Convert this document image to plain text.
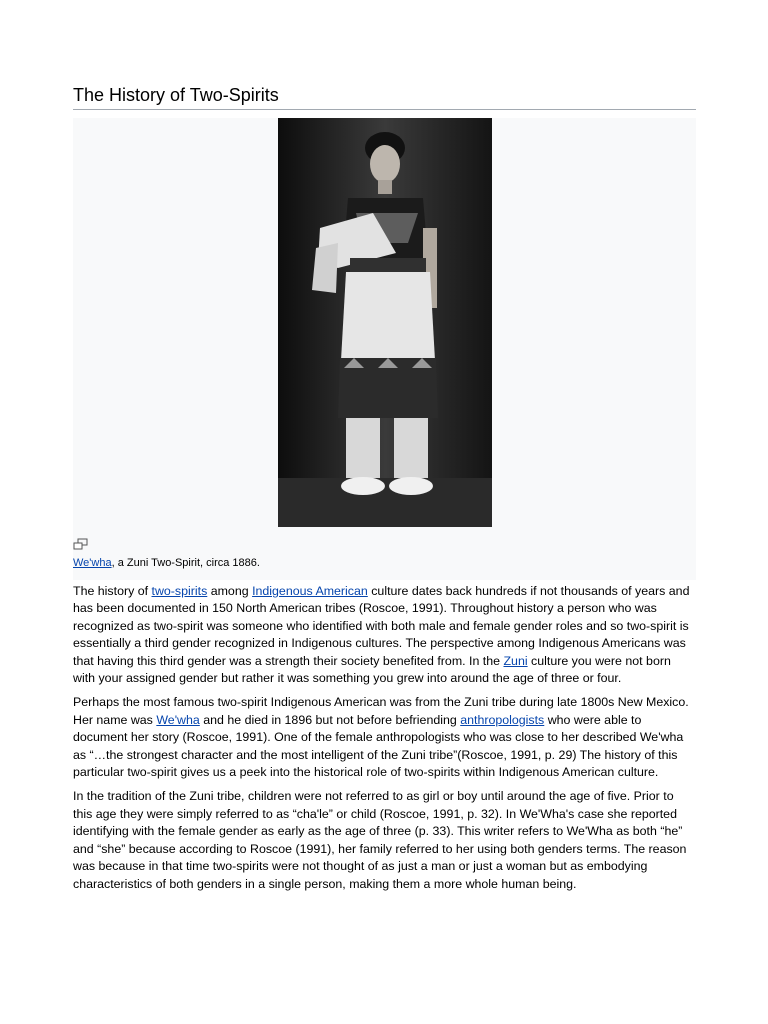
The History of Two-Spirits
We'wha, a Zuni Two-Spirit, circa 1886.

The history of two-spirits among Indigenous American culture dates back hundreds if not thousands of years and has been documented in 150 North American tribes (Roscoe, 1991). Throughout history a person who was recognized as two-spirit was someone who identified with both male and female gender roles and so two-spirit is essentially a third gender recognized in Indigenous cultures. The perspective among Indigenous Americans was that having this third gender was a strength their society benefited from. In the Zuni culture you were not born with your assigned gender but rather it was something you grew into around the age of three or four.

Perhaps the most famous two-spirit Indigenous American was from the Zuni tribe during late 1800s New Mexico. Her name was We'wha and he died in 1896 but not before befriending anthropologists who were able to document her story (Roscoe, 1991). One of the female anthropologists who was close to her described We'wha as “…the strongest character and the most intelligent of the Zuni tribe”(Roscoe, 1991, p. 29) The history of this particular two-spirit gives us a peek into the historical role of two-spirits within Indigenous American culture.

In the tradition of the Zuni tribe, children were not referred to as girl or boy until around the age of five. Prior to this age they were simply referred to as “cha'le” or child (Roscoe, 1991, p. 32). In We'Wha's case she reported identifying with the female gender as early as the age of three (p. 33). This writer refers to We'Wha as both “he” and “she” because according to Roscoe (1991), her family referred to her using both genders terms. The reason was because in that time two-spirits were not thought of as just a man or just a woman but as embodying characteristics of both genders in a single person, making them a more whole human being.
